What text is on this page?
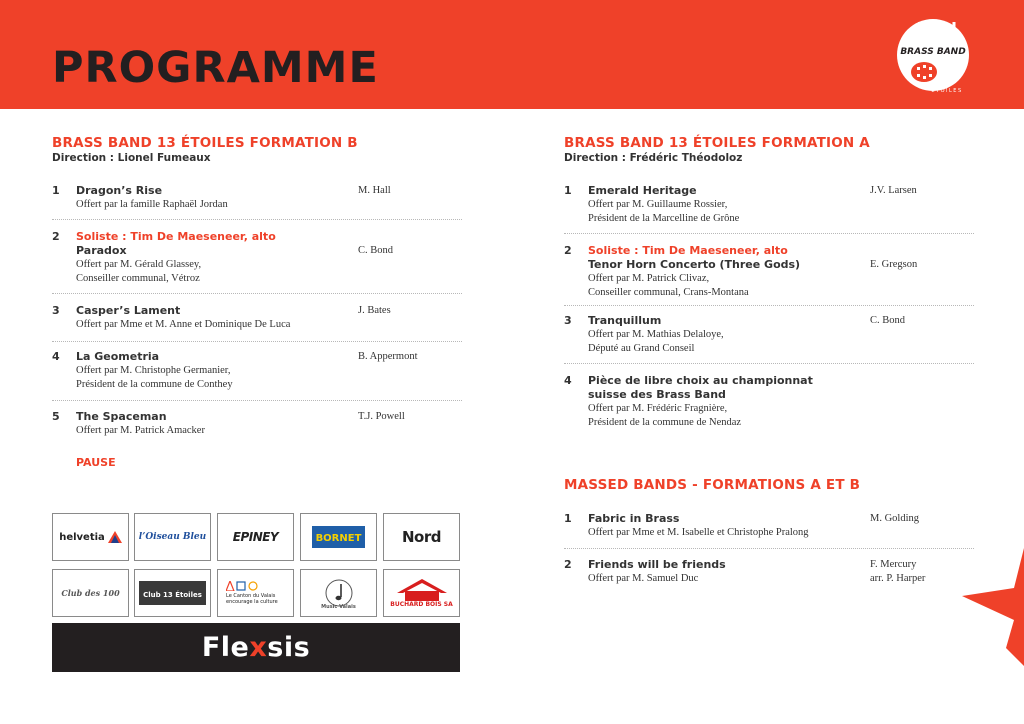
PROGRAMME	BRASS BAND
TREIZE
ÉTOILES
BRASS BAND 13 ÉTOILES FORMATION B
Direction : Lionel Fumeaux
1 Dragon’s Rise
Offert par la famille Raphaël Jordan
M. Hall
2 Soliste : Tim De Maeseneer, alto
Paradox
Offert par M. Gérald Glassey,
Conseiller communal, Vétroz
C. Bond
3 Casper’s Lament
Offert par Mme et M. Anne et Dominique De Luca
J. Bates
4 La Geometria
Offert par M. Christophe Germanier,
Président de la commune de Conthey
B. Appermont
5 The Spaceman
Offert par M. Patrick Amacker
T.J. Powell
PAUSE
BRASS BAND 13 ÉTOILES FORMATION A
Direction : Frédéric Théodoloz
1 Emerald Heritage
Offert par M. Guillaume Rossier,
Président de la Marcelline de Grône
J.V. Larsen
2 Soliste : Tim De Maeseneer, alto
Tenor Horn Concerto (Three Gods)
Offert par M. Patrick Clivaz,
Conseiller communal, Crans-Montana
E. Gregson
3 Tranquillum
Offert par M. Mathias Delaloye,
Député au Grand Conseil
C. Bond
4 Pièce de libre choix au championnat suisse des Brass Band
Offert par M. Frédéric Fragnière,
Président de la commune de Nendaz
MASSED BANDS - FORMATIONS A ET B
1 Fabric in Brass
Offert par Mme et M. Isabelle et Christophe Pralong
M. Golding
2 Friends will be friends
Offert par M. Samuel Duc
F. Mercury
arr. P. Harper
helvetia	l’Oiseau Bleu EPINEY	BORNET	Nord
Club des 100	Club 13 Étoiles	Le Canton du Valais encourage la culture
Music Valais	BUCHARD BOIS SA
Fle x sis
